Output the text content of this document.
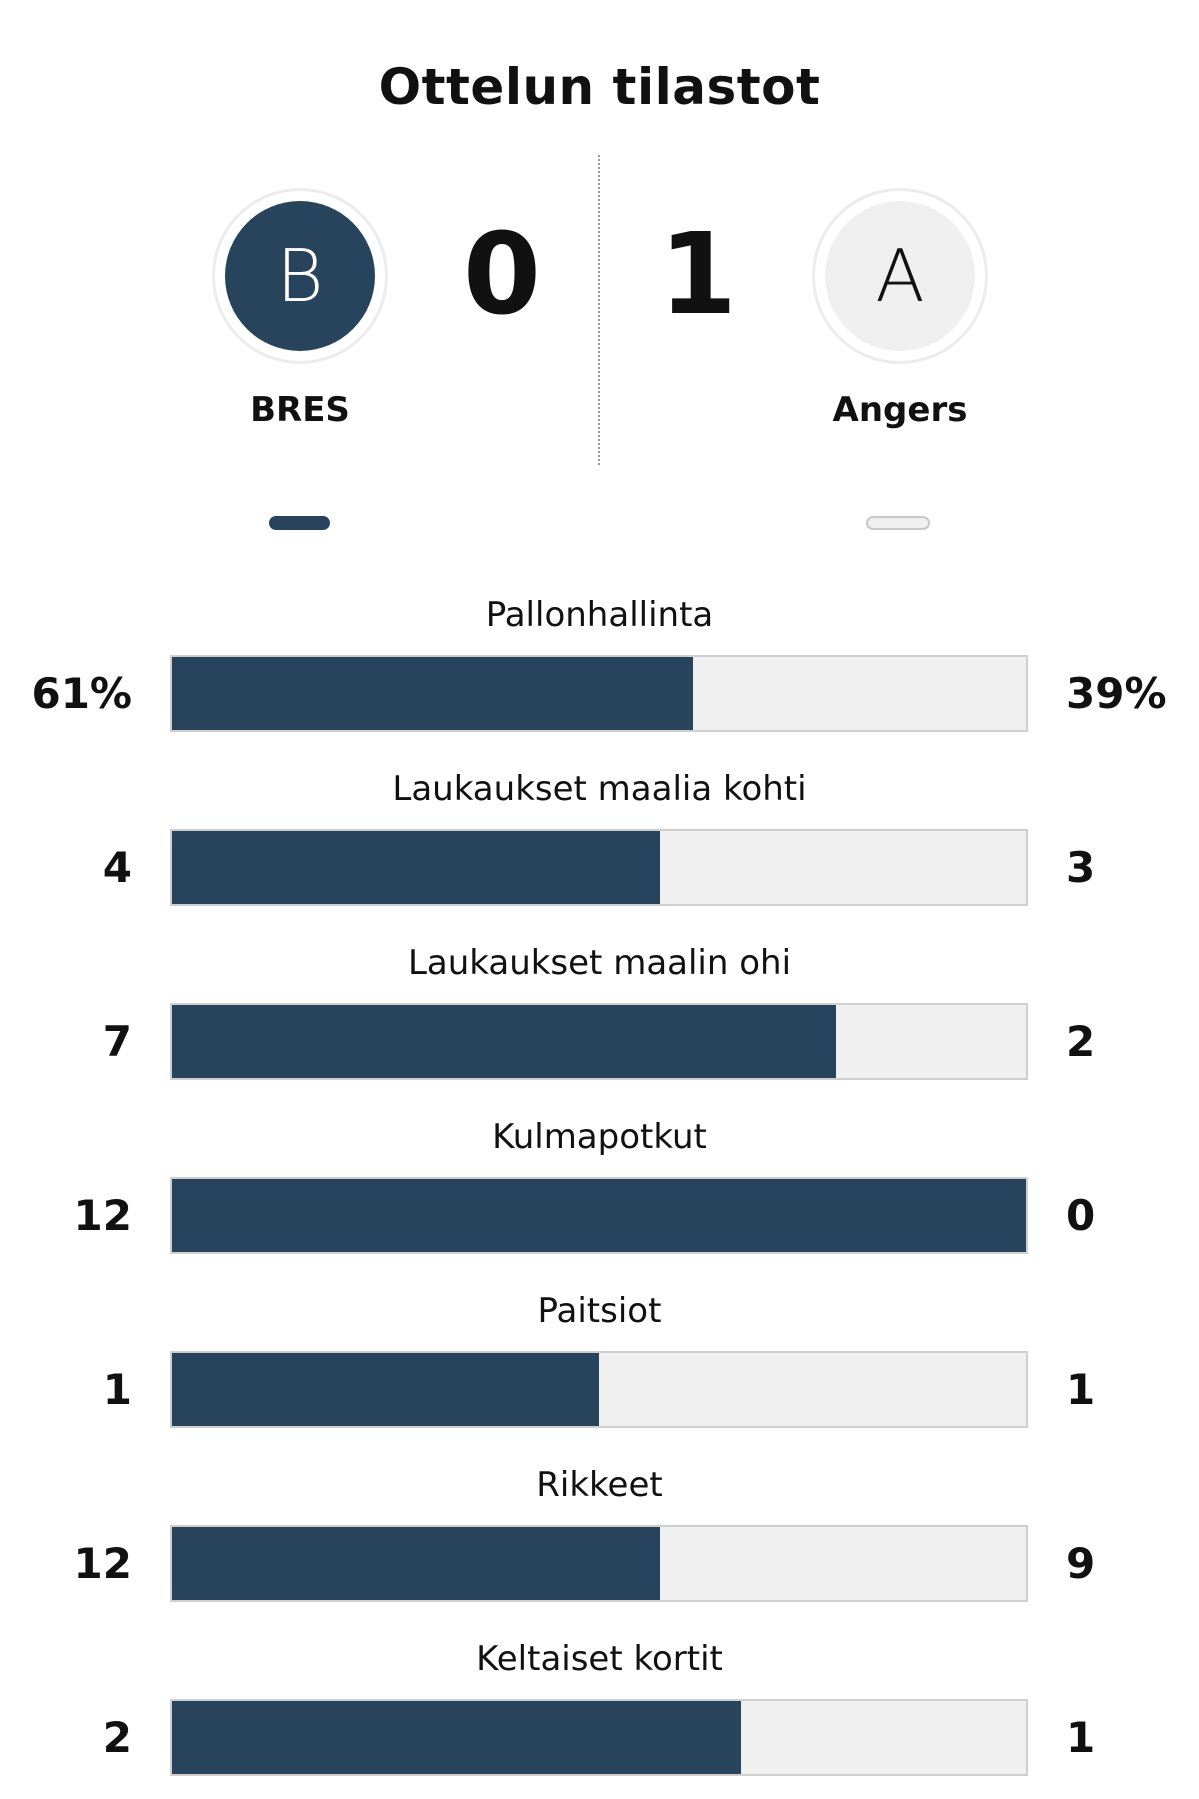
Ottelun tilastot
B
BRES
0	A
Angers
1
Pallonhallinta
61%	39%
Laukaukset maalia kohti
4	3
Laukaukset maalin ohi
7	2
Kulmapotkut
12	0
Paitsiot
1	1
Rikkeet
12	9
Keltaiset kortit
2	1
